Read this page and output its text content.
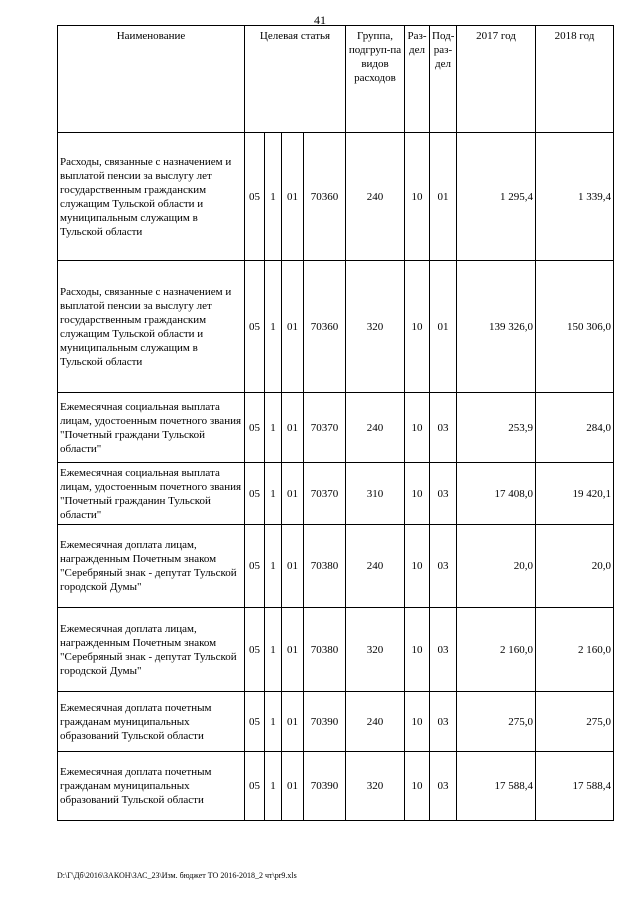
41
Наименование	Целевая статья				Группа, подгруп-па видов расходов	Раз-дел	Под-раз-дел	2017 год	2018 год
Расходы, связанные с назначением и выплатой пенсии за выслугу лет государственным гражданским служащим Тульской области и муниципальным служащим в Тульской области	05	1	01	70360	240	10	01	1 295,4	1 339,4
Расходы, связанные с назначением и выплатой пенсии за выслугу лет государственным гражданским служащим Тульской области и муниципальным служащим в Тульской области	05	1	01	70360	320	10	01	139 326,0	150 306,0
Ежемесячная социальная выплата лицам, удостоенным почетного звания "Почетный граждани Тульской области"	05	1	01	70370	240	10	03	253,9	284,0
Ежемесячная социальная выплата лицам, удостоенным почетного звания "Почетный гражданин Тульской области"	05	1	01	70370	310	10	03	17 408,0	19 420,1
Ежемесячная доплата лицам, награжденным Почетным знаком "Серебряный знак - депутат Тульской городской Думы"	05	1	01	70380	240	10	03	20,0	20,0
Ежемесячная доплата лицам, награжденным Почетным знаком "Серебряный знак - депутат Тульской городской Думы"	05	1	01	70380	320	10	03	2 160,0	2 160,0
Ежемесячная доплата почетным гражданам муниципальных образований Тульской области	05	1	01	70390	240	10	03	275,0	275,0
Ежемесячная доплата почетным гражданам муниципальных образований Тульской области	05	1	01	70390	320	10	03	17 588,4	17 588,4
D:\Г\Дб\2016\ЗАКОН\ЗАС_23\Изм. бюджет ТО 2016-2018_2 чт\pr9.xls
